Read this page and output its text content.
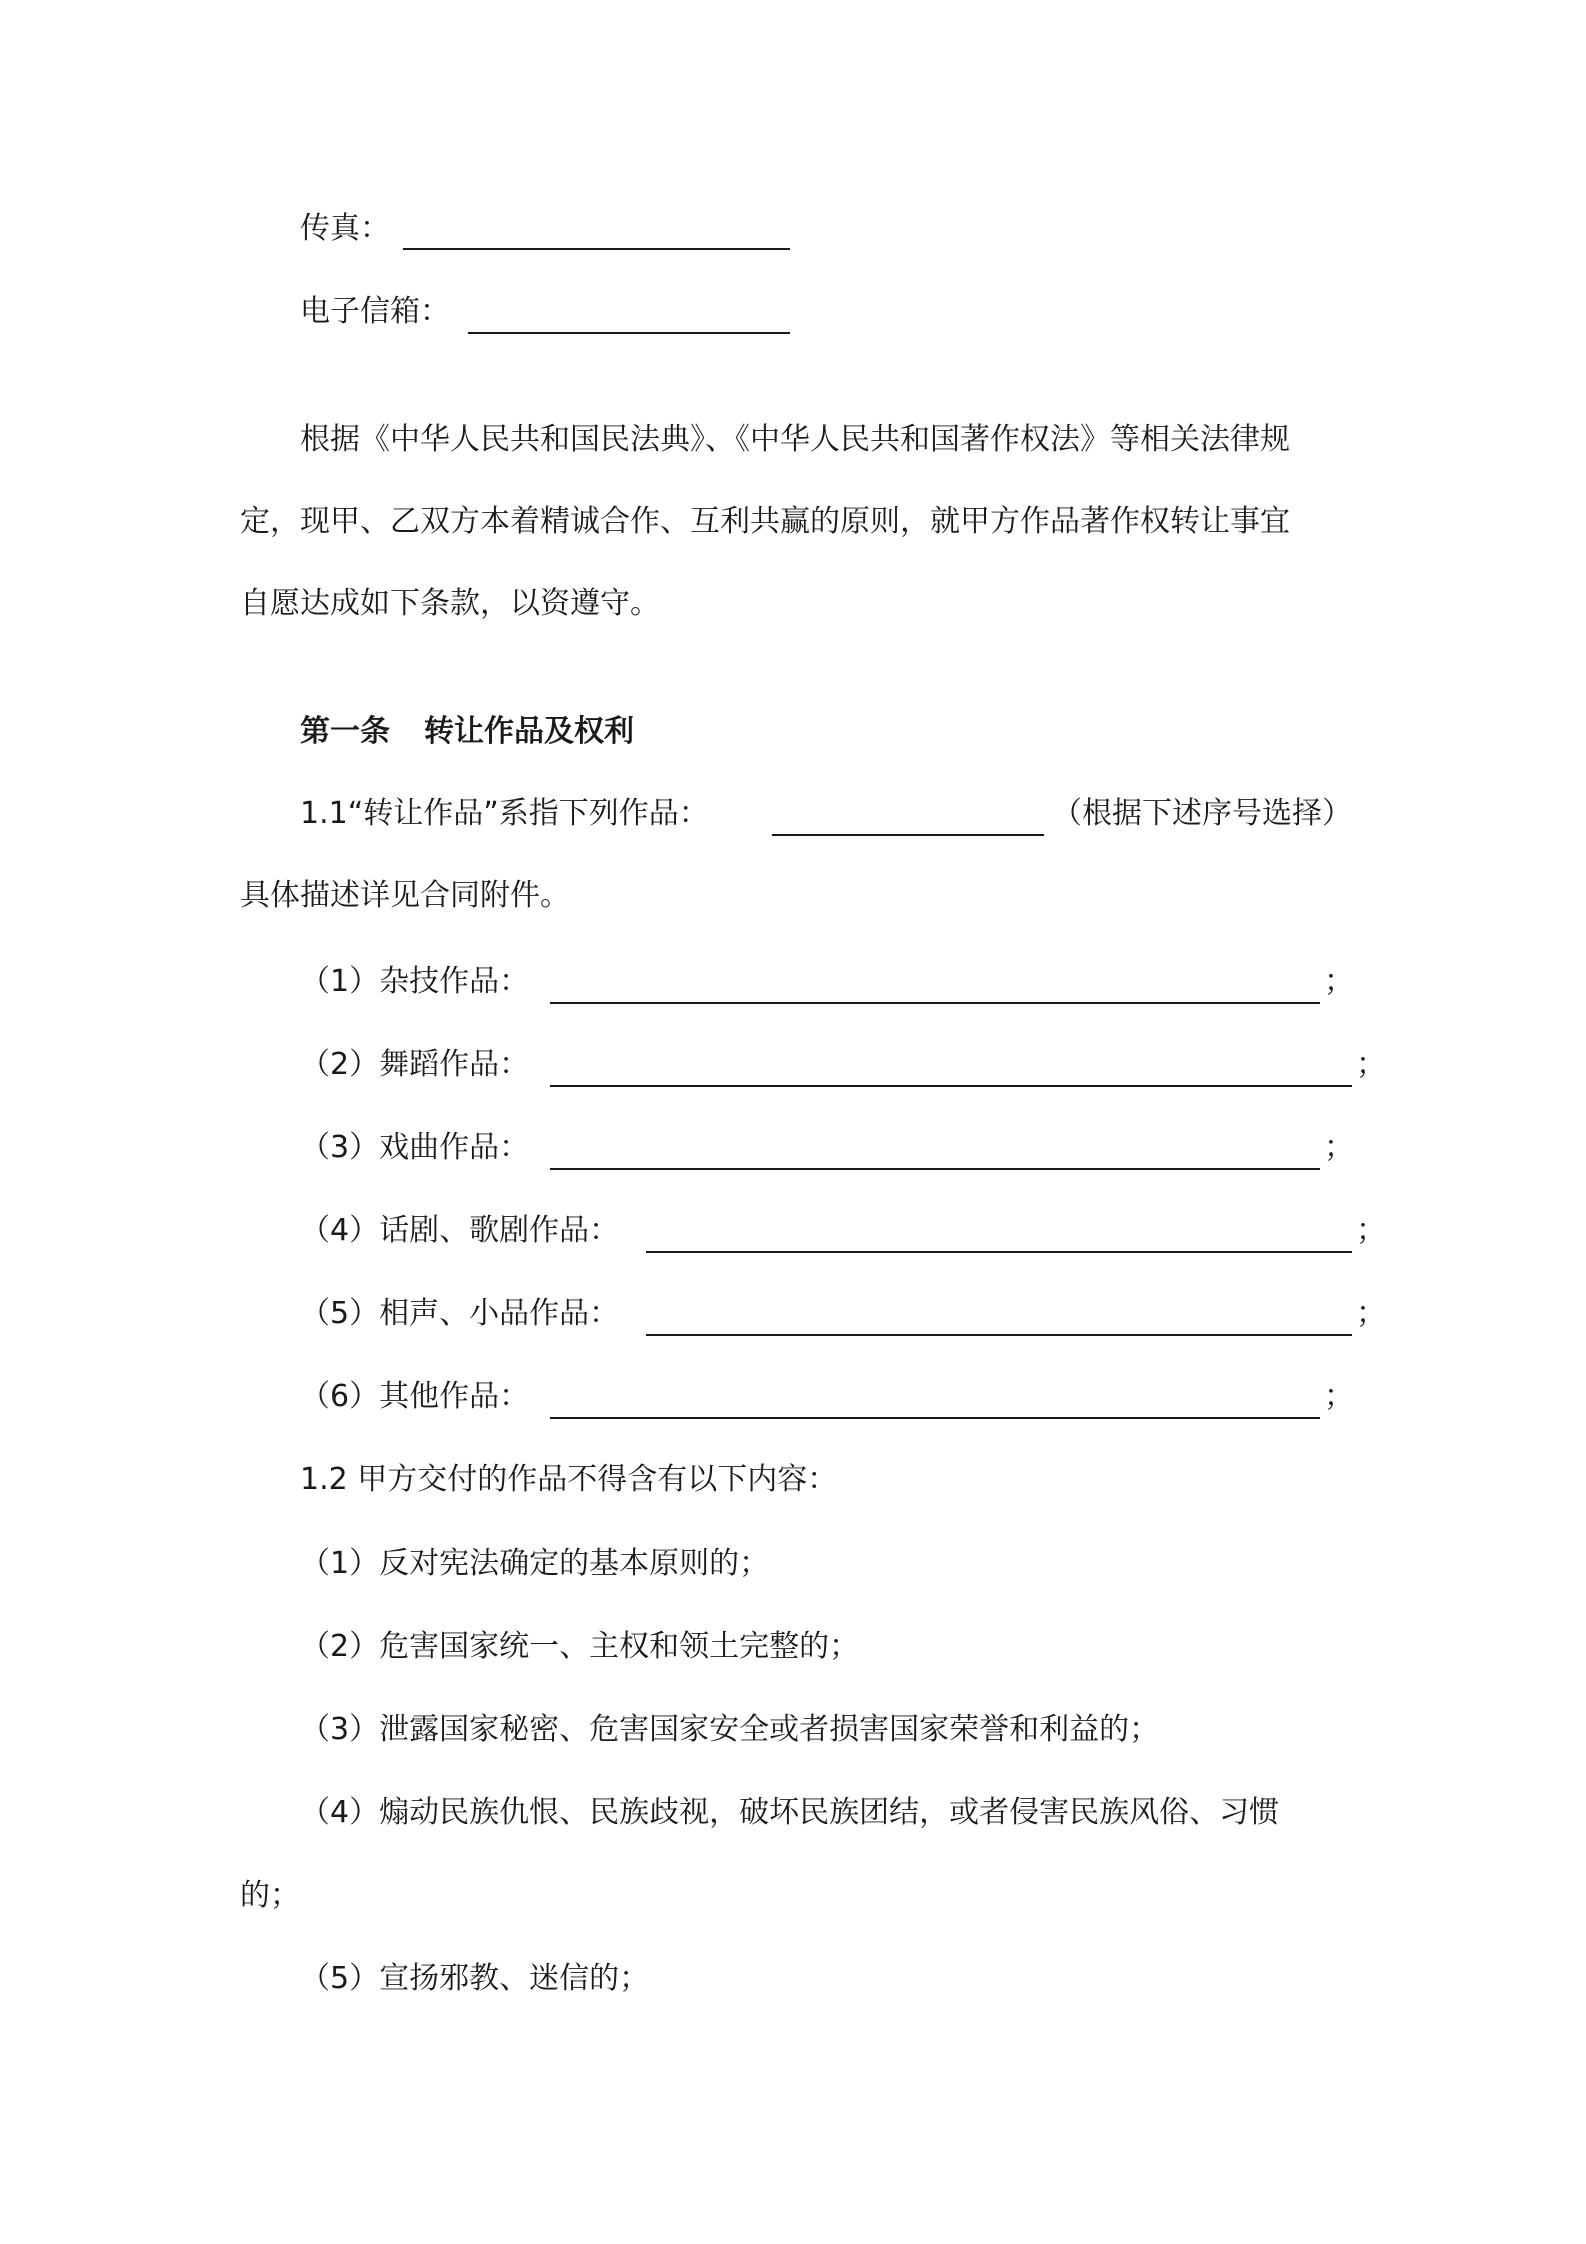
传真：
电子信箱：
根据《中华人民共和国民法典》、《中华人民共和国著作权法》等相关法律规
定，现甲、乙双方本着精诚合作、互利共赢的原则，就甲方作品著作权转让事宜
自愿达成如下条款，以资遵守。
第一条 转让作品及权利
1.1“转让作品”系指下列作品：	（根据下述序号选择）
具体描述详见合同附件。
（1）杂技作品：	；
（2）舞蹈作品：	；
（3）戏曲作品：	；
（4）话剧、歌剧作品：	；
（5）相声、小品作品：	；
（6）其他作品：	；
1.2 甲方交付的作品不得含有以下内容：
（1）反对宪法确定的基本原则的；
（2）危害国家统一、主权和领土完整的；
（3）泄露国家秘密、危害国家安全或者损害国家荣誉和利益的；
（4）煽动民族仇恨、民族歧视，破坏民族团结，或者侵害民族风俗、习惯
的；
（5）宣扬邪教、迷信的；
